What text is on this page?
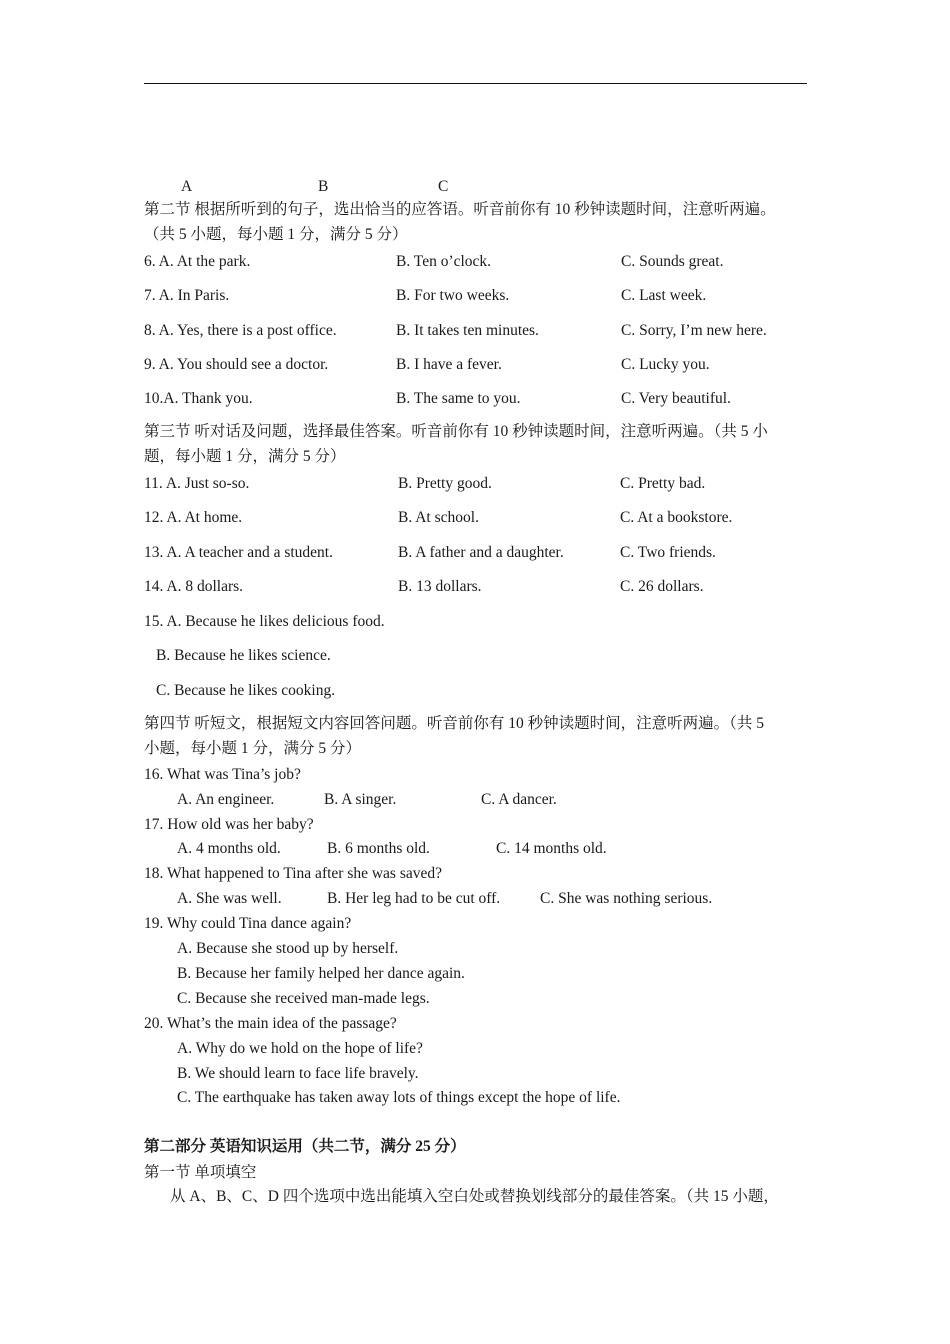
A	B	C
第二节 根据所听到的句子，选出恰当的应答语。听音前你有 10 秒钟读题时间，注意听两遍。
（共 5 小题，每小题 1 分，满分 5 分）
6. A. At the park.	B. Ten o’clock.	C. Sounds great.
7. A. In Paris.	B. For two weeks.	C. Last week.
8. A. Yes, there is a post office.	B. It takes ten minutes.	C. Sorry, I’m new here.
9. A. You should see a doctor.	B. I have a fever.	C. Lucky you.
10.A. Thank you.	B. The same to you.	C. Very beautiful.
第三节 听对话及问题，选择最佳答案。听音前你有 10 秒钟读题时间，注意听两遍。（共 5 小
题，每小题 1 分，满分 5 分）
11. A. Just so-so.	B. Pretty good.	C. Pretty bad.
12. A. At home.	B. At school.	C. At a bookstore.
13. A. A teacher and a student.	B. A father and a daughter.	C. Two friends.
14. A. 8 dollars.	B. 13 dollars.	C. 26 dollars.
15. A. Because he likes delicious food.
B. Because he likes science.
C. Because he likes cooking.
第四节 听短文，根据短文内容回答问题。听音前你有 10 秒钟读题时间，注意听两遍。（共 5
小题，每小题 1 分，满分 5 分）
16. What was Tina’s job?
A. An engineer.	B. A singer.	C. A dancer.
17. How old was her baby?
A. 4 months old.	B. 6 months old.	C. 14 months old.
18. What happened to Tina after she was saved?
A. She was well.	B. Her leg had to be cut off.	C. She was nothing serious.
19. Why could Tina dance again?
A. Because she stood up by herself.
B. Because her family helped her dance again.
C. Because she received man-made legs.
20. What’s the main idea of the passage?
A. Why do we hold on the hope of life?
B. We should learn to face life bravely.
C. The earthquake has taken away lots of things except the hope of life.
第二部分 英语知识运用（共二节，满分 25 分）
第一节 单项填空
从 A、B、C、D 四个选项中选出能填入空白处或替换划线部分的最佳答案。（共 15 小题，
